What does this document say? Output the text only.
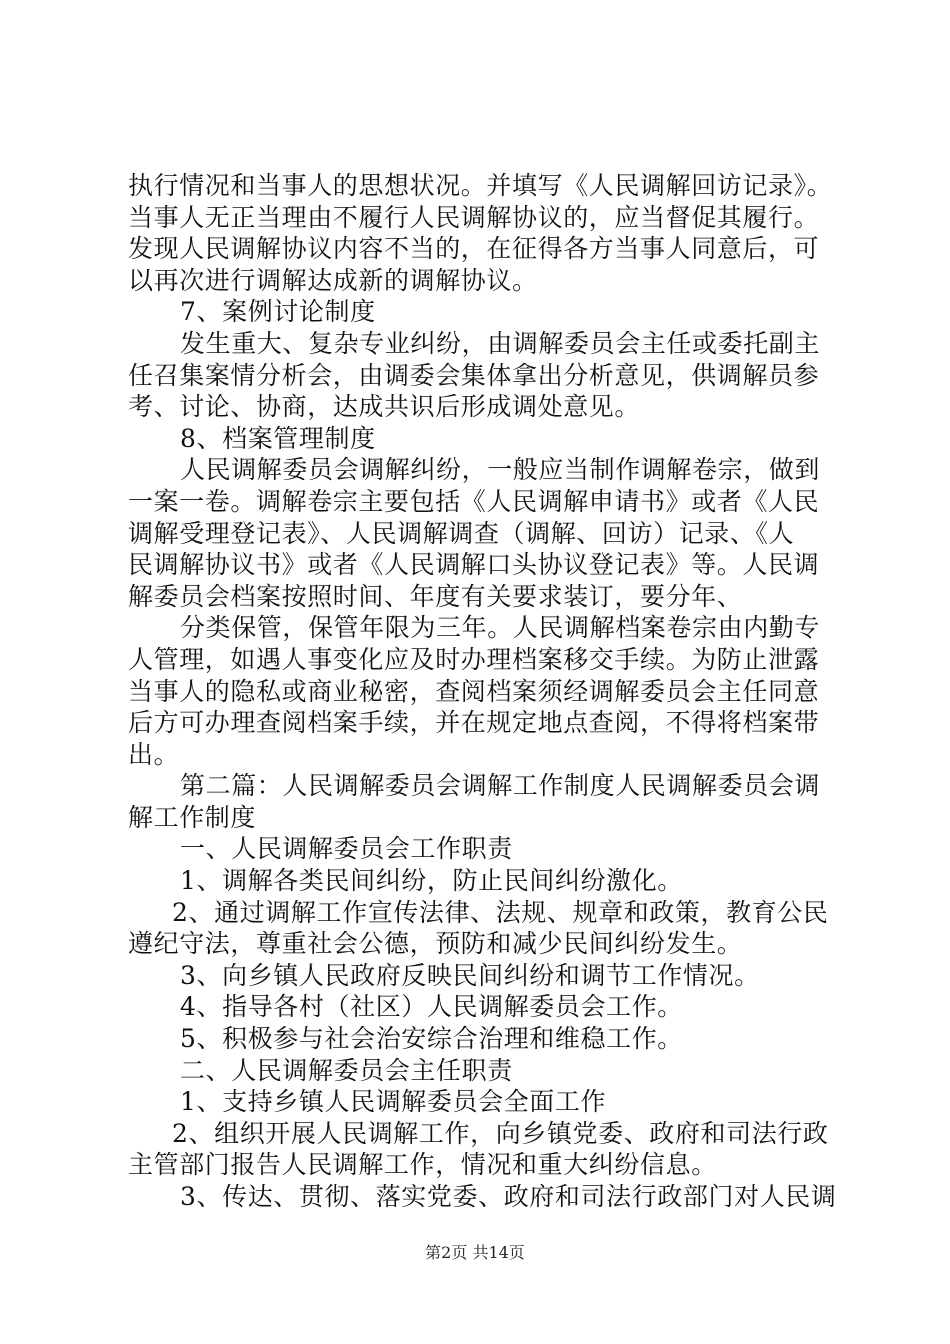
执行情况和当事人的思想状况。并填写《人民调解回访记录》。
当事人无正当理由不履行人民调解协议的，应当督促其履行。
发现人民调解协议内容不当的，在征得各方当事人同意后，可
以再次进行调解达成新的调解协议。
7、案例讨论制度
发生重大、复杂专业纠纷，由调解委员会主任或委托副主
任召集案情分析会，由调委会集体拿出分析意见，供调解员参
考、讨论、协商，达成共识后形成调处意见。
8、档案管理制度
人民调解委员会调解纠纷，一般应当制作调解卷宗，做到
一案一卷。调解卷宗主要包括《人民调解申请书》或者《人民
调解受理登记表》、人民调解调查（调解、回访）记录、《人
民调解协议书》或者《人民调解口头协议登记表》等。人民调
解委员会档案按照时间、年度有关要求装订，要分年、
分类保管，保管年限为三年。人民调解档案卷宗由内勤专
人管理，如遇人事变化应及时办理档案移交手续。为防止泄露
当事人的隐私或商业秘密，查阅档案须经调解委员会主任同意
后方可办理查阅档案手续，并在规定地点查阅，不得将档案带
出。
第二篇：人民调解委员会调解工作制度人民调解委员会调
解工作制度
一、人民调解委员会工作职责
1、调解各类民间纠纷，防止民间纠纷激化。
2、通过调解工作宣传法律、法规、规章和政策，教育公民
遵纪守法，尊重社会公德，预防和减少民间纠纷发生。
3、向乡镇人民政府反映民间纠纷和调节工作情况。
4、指导各村（社区）人民调解委员会工作。
5、积极参与社会治安综合治理和维稳工作。
二、人民调解委员会主任职责
1、支持乡镇人民调解委员会全面工作
2、组织开展人民调解工作，向乡镇党委、政府和司法行政
主管部门报告人民调解工作，情况和重大纠纷信息。
3、传达、贯彻、落实党委、政府和司法行政部门对人民调
第2页 共14页
